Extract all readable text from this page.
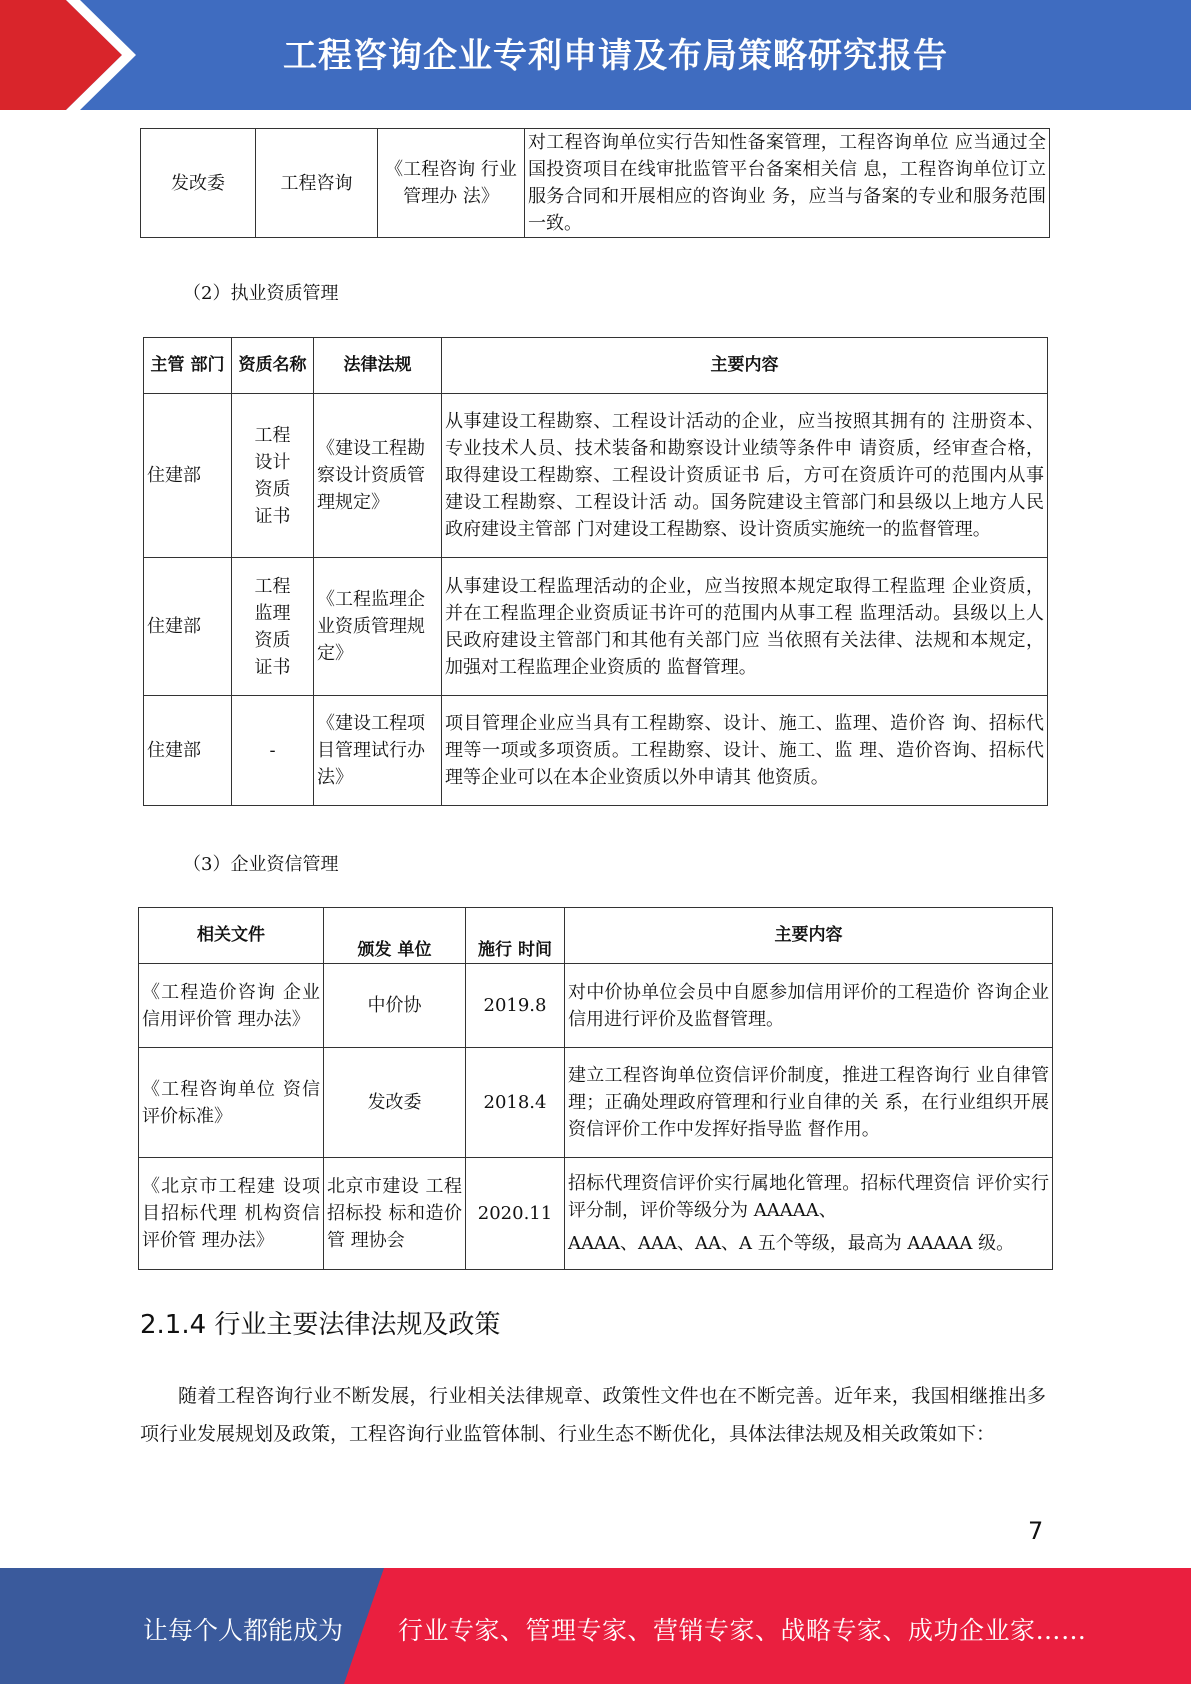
工程咨询企业专利申请及布局策略研究报告
发改委	工程咨询	《工程咨询 行业管理办 法》	对工程咨询单位实行告知性备案管理，工程咨询单位 应当通过全国投资项目在线审批监管平台备案相关信 息，工程咨询单位订立服务合同和开展相应的咨询业 务，应当与备案的专业和服务范围一致。
（2）执业资质管理
主管 部门	资质名称	法律法规	主要内容
住建部	工程设计资质证书	《建设工程勘察设计资质管理规定》	从事建设工程勘察、工程设计活动的企业，应当按照其拥有的 注册资本、专业技术人员、技术装备和勘察设计业绩等条件申 请资质，经审查合格，取得建设工程勘察、工程设计资质证书 后，方可在资质许可的范围内从事建设工程勘察、工程设计活 动。国务院建设主管部门和县级以上地方人民政府建设主管部 门对建设工程勘察、设计资质实施统一的监督管理。
住建部	工程监理资质证书	《工程监理企业资质管理规定》	从事建设工程监理活动的企业，应当按照本规定取得工程监理 企业资质，并在工程监理企业资质证书许可的范围内从事工程 监理活动。县级以上人民政府建设主管部门和其他有关部门应 当依照有关法律、法规和本规定，加强对工程监理企业资质的 监督管理。
住建部	-	《建设工程项目管理试行办法》	项目管理企业应当具有工程勘察、设计、施工、监理、造价咨 询、招标代理等一项或多项资质。工程勘察、设计、施工、监 理、造价咨询、招标代理等企业可以在本企业资质以外申请其 他资质。
（3）企业资信管理
相关文件	颁发 单位	施行 时间	主要内容
《工程造价咨询 企业信用评价管 理办法》	中价协	2019.8	对中价协单位会员中自愿参加信用评价的工程造价 咨询企业信用进行评价及监督管理。
《工程咨询单位 资信评价标准》	发改委	2018.4	建立工程咨询单位资信评价制度，推进工程咨询行 业自律管理；正确处理政府管理和行业自律的关 系，在行业组织开展资信评价工作中发挥好指导监 督作用。
《北京市工程建 设项目招标代理 机构资信评价管 理办法》	北京市建设 工程招标投 标和造价管 理协会	2020.11	招标代理资信评价实行属地化管理。招标代理资信 评价实行评分制，评价等级分为 AAAAA、
AAAA、AAA、AA、A 五个等级，最高为 AAAAA 级。
2.1.4 行业主要法律法规及政策
随着工程咨询行业不断发展，行业相关法律规章、政策性文件也在不断完善。近年来，我国相继推出多项行业发展规划及政策，工程咨询行业监管体制、行业生态不断优化，具体法律法规及相关政策如下：
7
让每个人都能成为 行业专家、管理专家、营销专家、战略专家、成功企业家……
